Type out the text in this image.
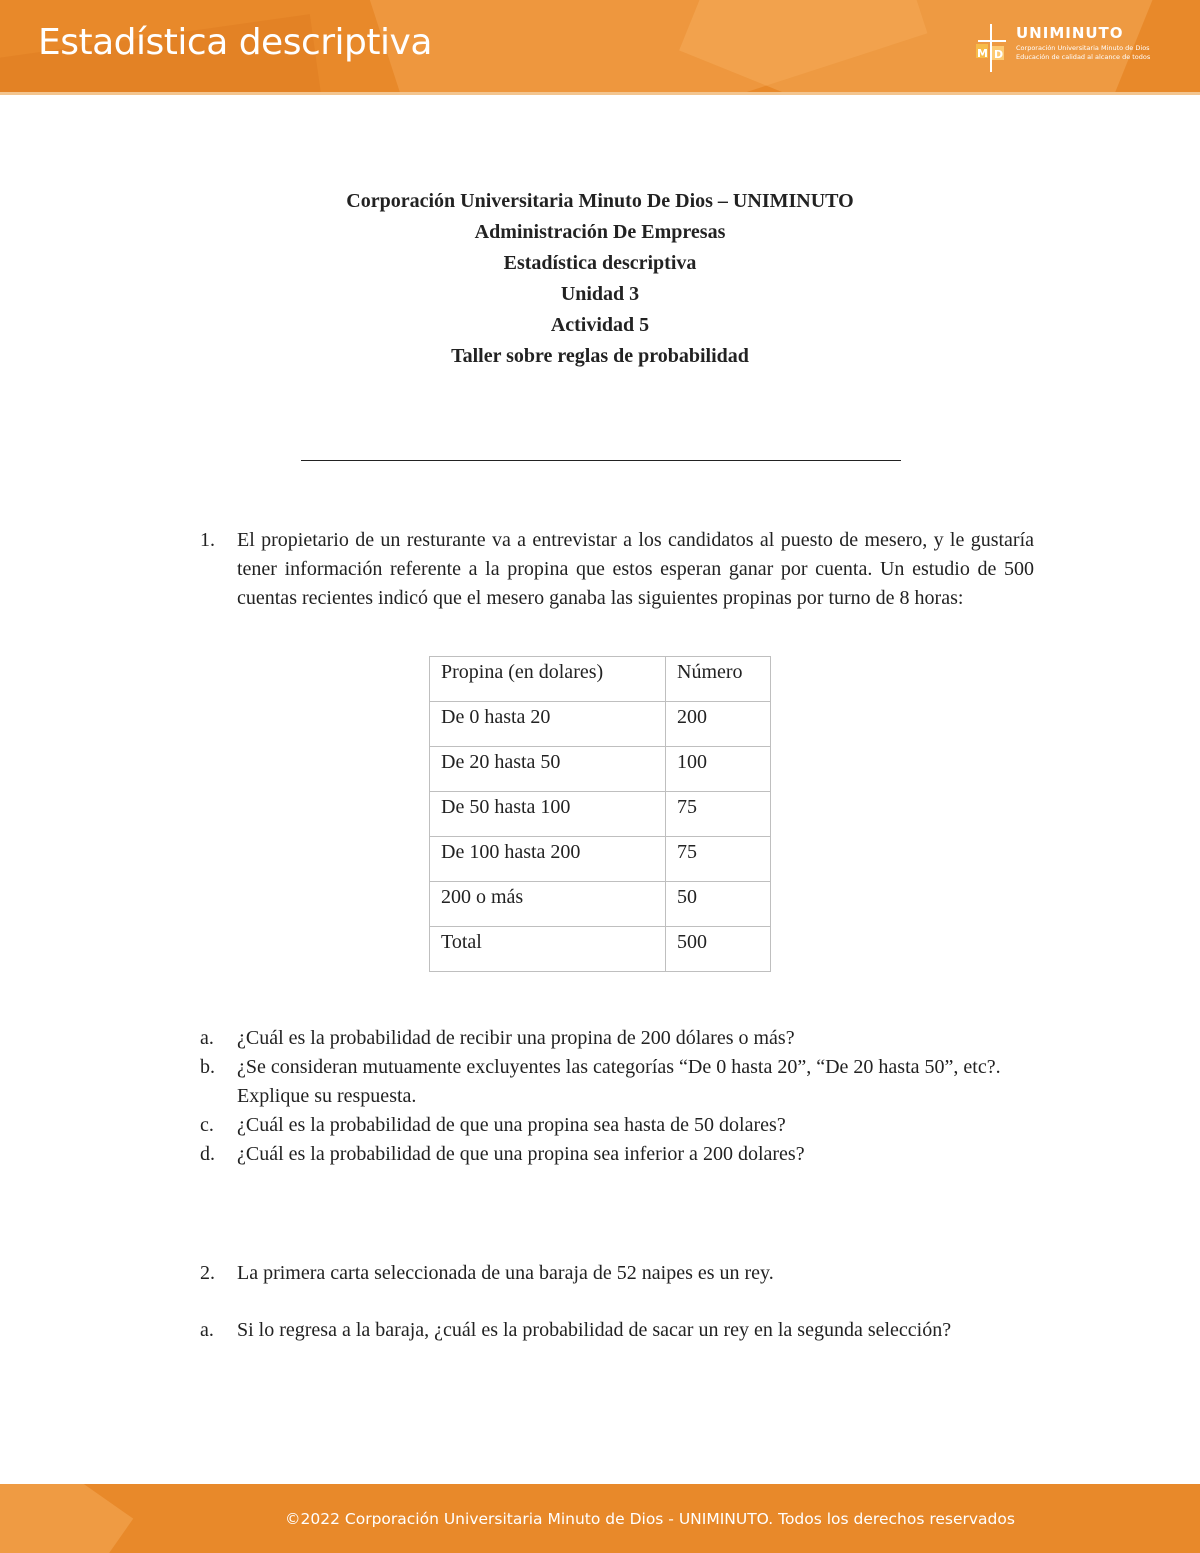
Estadística descriptiva	M D
UNIMINUTO
Corporación Universitaria Minuto de Dios
Educación de calidad al alcance de todos
Corporación Universitaria Minuto De Dios – UNIMINUTO
Administración De Empresas
Estadística descriptiva
Unidad 3
Actividad 5
Taller sobre reglas de probabilidad
1.	El propietario de un resturante va a entrevistar a los candidatos al puesto de mesero, y le gustaría tener información referente a la propina que estos esperan ganar por cuenta. Un estudio de 500 cuentas recientes indicó que el mesero ganaba las siguientes propinas por turno de 8 horas:
Propina (en dolares)	Número
De 0 hasta 20	200
De 20 hasta 50	100
De 50 hasta 100	75
De 100 hasta 200	75
200 o más	50
Total	500
a.	¿Cuál es la probabilidad de recibir una propina de 200 dólares o más?
b.	¿Se consideran mutuamente excluyentes las categorías “De 0 hasta 20”, “De 20 hasta 50”, etc?. Explique su respuesta.
c.	¿Cuál es la probabilidad de que una propina sea hasta de 50 dolares?
d.	¿Cuál es la probabilidad de que una propina sea inferior a 200 dolares?
2.	La primera carta seleccionada de una baraja de 52 naipes es un rey.
a.	Si lo regresa a la baraja, ¿cuál es la probabilidad de sacar un rey en la segunda selección?
©2022 Corporación Universitaria Minuto de Dios - UNIMINUTO. Todos los derechos reservados
